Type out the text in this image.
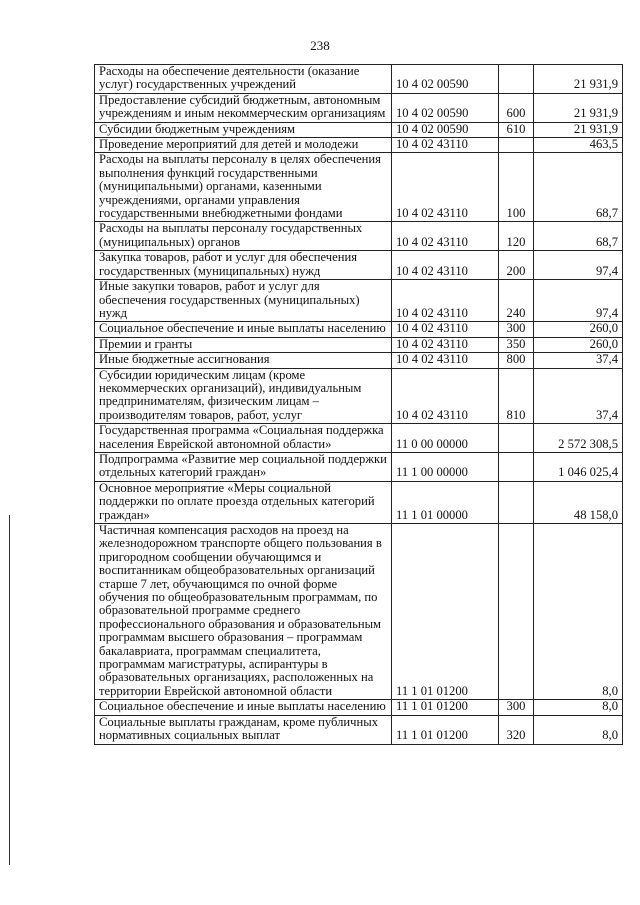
238
Расходы на обеспечение деятельности (оказание услуг) государственных учреждений	10 4 02 00590		21 931,9
Предоставление субсидий бюджетным, автономным учреждениям и иным некоммерческим организациям	10 4 02 00590	600	21 931,9
Субсидии бюджетным учреждениям	10 4 02 00590	610	21 931,9
Проведение мероприятий для детей и молодежи	10 4 02 43110		463,5
Расходы на выплаты персоналу в целях обеспечения выполнения функций государственными (муниципальными) органами, казенными учреждениями, органами управления государственными внебюджетными фондами	10 4 02 43110	100	68,7
Расходы на выплаты персоналу государственных (муниципальных) органов	10 4 02 43110	120	68,7
Закупка товаров, работ и услуг для обеспечения государственных (муниципальных) нужд	10 4 02 43110	200	97,4
Иные закупки товаров, работ и услуг для обеспечения государственных (муниципальных) нужд	10 4 02 43110	240	97,4
Социальное обеспечение и иные выплаты населению	10 4 02 43110	300	260,0
Премии и гранты	10 4 02 43110	350	260,0
Иные бюджетные ассигнования	10 4 02 43110	800	37,4
Субсидии юридическим лицам (кроме некоммерческих организаций), индивидуальным предпринимателям, физическим лицам – производителям товаров, работ, услуг	10 4 02 43110	810	37,4
Государственная программа «Социальная поддержка населения Еврейской автономной области»	11 0 00 00000		2 572 308,5
Подпрограмма «Развитие мер социальной поддержки отдельных категорий граждан»	11 1 00 00000		1 046 025,4
Основное мероприятие «Меры социальной поддержки по оплате проезда отдельных категорий граждан»	11 1 01 00000		48 158,0
Частичная компенсация расходов на проезд на железнодорожном транспорте общего пользования в пригородном сообщении обучающимся и воспитанникам общеобразовательных организаций старше 7 лет, обучающимся по очной форме обучения по общеобразовательным программам, по образовательной программе среднего профессионального образования и образовательным программам высшего образования – программам бакалавриата, программам специалитета, программам магистратуры, аспирантуры в образовательных организациях, расположенных на территории Еврейской автономной области	11 1 01 01200		8,0
Социальное обеспечение и иные выплаты населению	11 1 01 01200	300	8,0
Социальные выплаты гражданам, кроме публичных нормативных социальных выплат	11 1 01 01200	320	8,0
